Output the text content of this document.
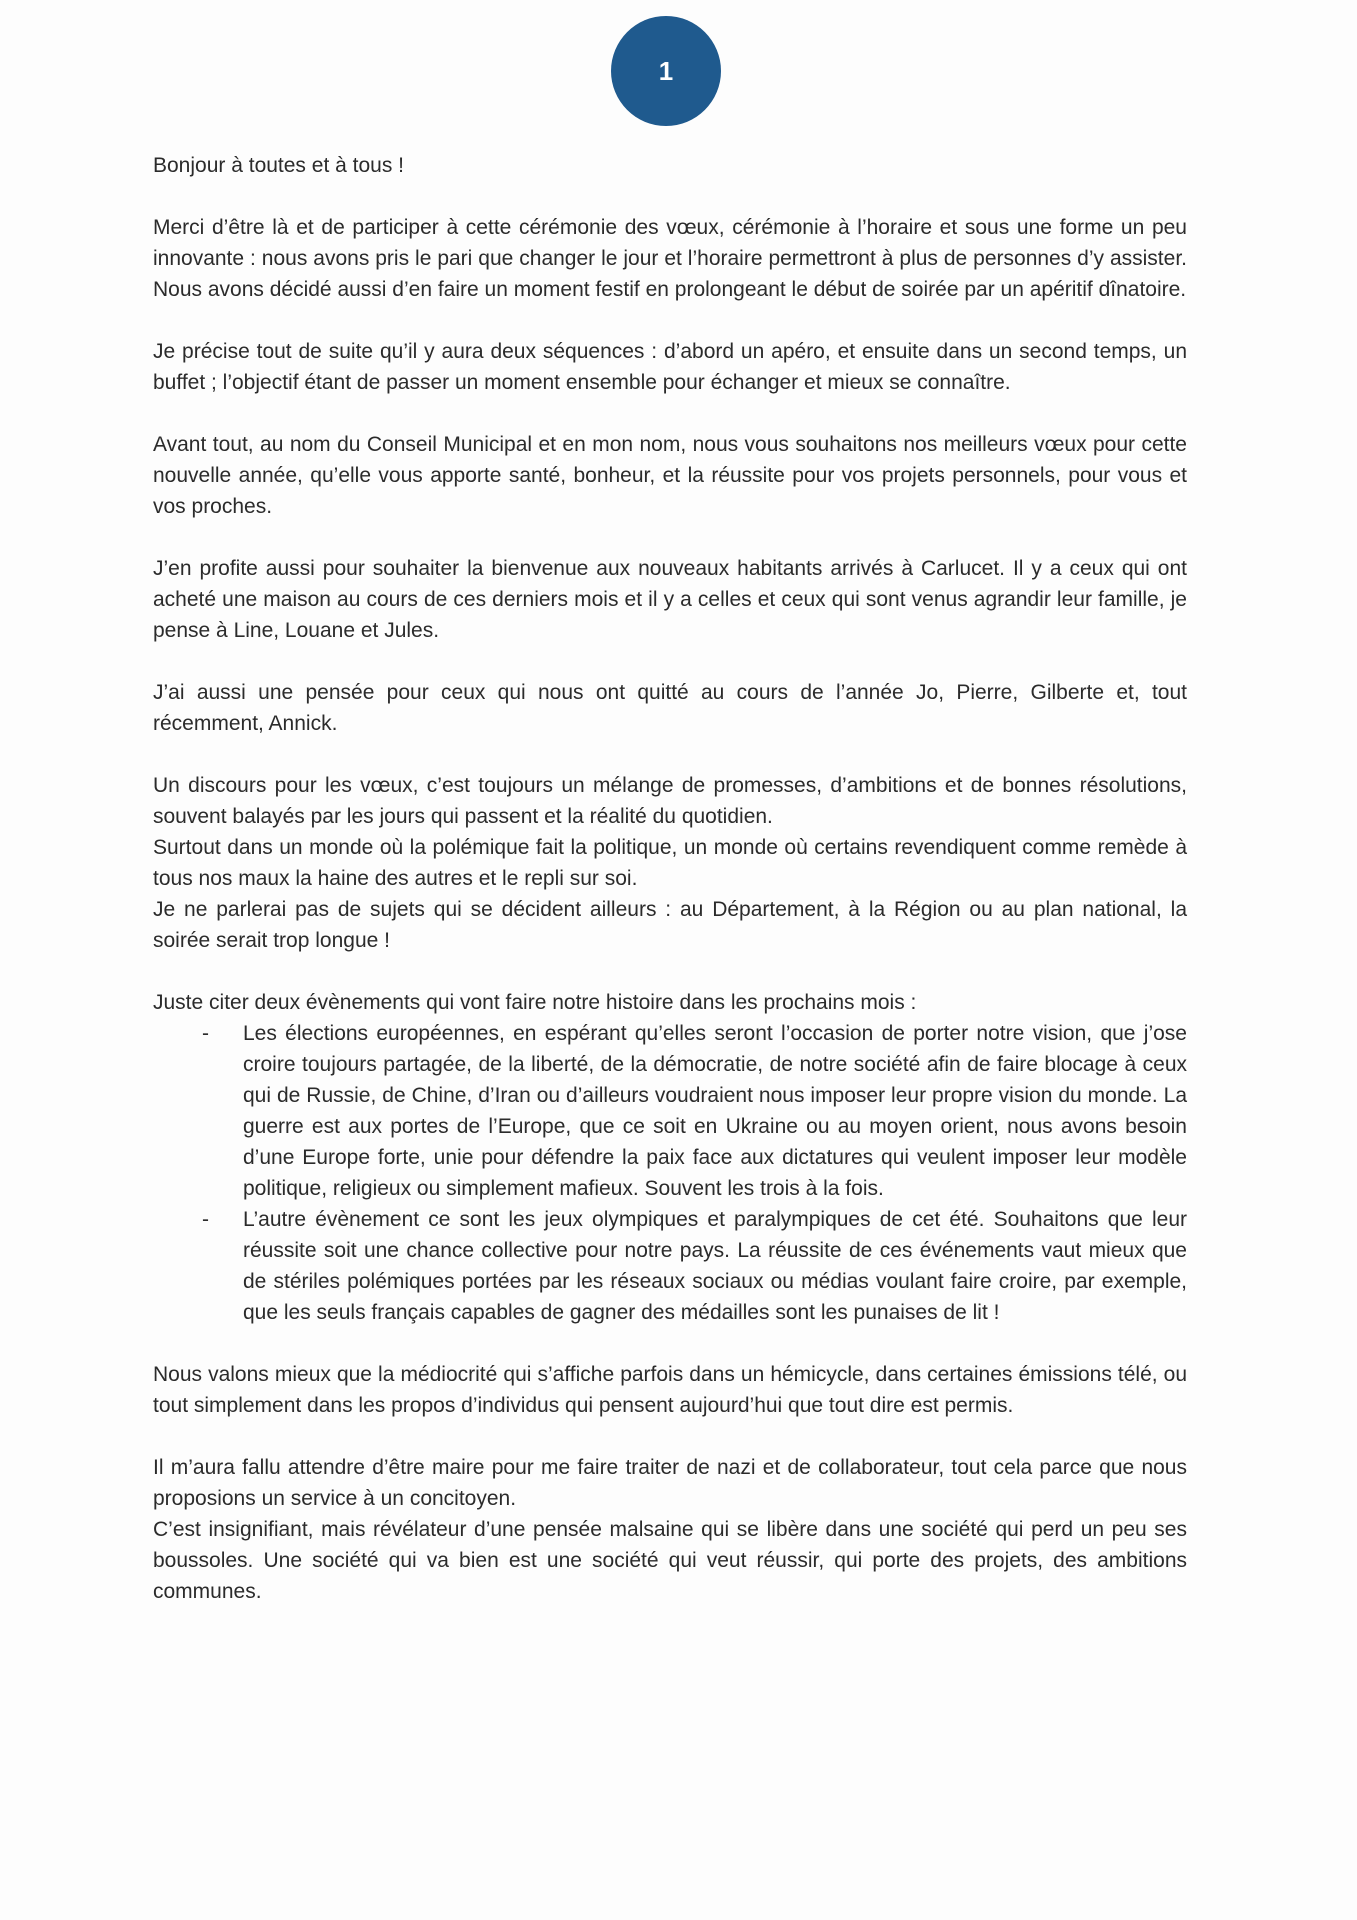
1

Bonjour à toutes et à tous !

Merci d’être là et de participer à cette cérémonie des vœux, cérémonie à l’horaire et sous une forme un peu innovante : nous avons pris le pari que changer le jour et l’horaire permettront à plus de personnes d’y assister. Nous avons décidé aussi d’en faire un moment festif en prolongeant le début de soirée par un apéritif dînatoire.

Je précise tout de suite qu’il y aura deux séquences : d’abord un apéro, et ensuite dans un second temps, un buffet ; l’objectif étant de passer un moment ensemble pour échanger et mieux se connaître.

Avant tout, au nom du Conseil Municipal et en mon nom, nous vous souhaitons nos meilleurs vœux pour cette nouvelle année, qu’elle vous apporte santé, bonheur, et la réussite pour vos projets personnels, pour vous et vos proches.

J’en profite aussi pour souhaiter la bienvenue aux nouveaux habitants arrivés à Carlucet. Il y a ceux qui ont acheté une maison au cours de ces derniers mois et il y a celles et ceux qui sont venus agrandir leur famille, je pense à Line, Louane et Jules.

J’ai aussi une pensée pour ceux qui nous ont quitté au cours de l’année Jo, Pierre, Gilberte et, tout récemment, Annick.

Un discours pour les vœux, c’est toujours un mélange de promesses, d’ambitions et de bonnes résolutions, souvent balayés par les jours qui passent et la réalité du quotidien.

Surtout dans un monde où la polémique fait la politique, un monde où certains revendiquent comme remède à tous nos maux la haine des autres et le repli sur soi.

Je ne parlerai pas de sujets qui se décident ailleurs : au Département, à la Région ou au plan national, la soirée serait trop longue !

Juste citer deux évènements qui vont faire notre histoire dans les prochains mois :

- Les élections européennes, en espérant qu’elles seront l’occasion de porter notre vision, que j’ose croire toujours partagée, de la liberté, de la démocratie, de notre société afin de faire blocage à ceux qui de Russie, de Chine, d’Iran ou d’ailleurs voudraient nous imposer leur propre vision du monde. La guerre est aux portes de l’Europe, que ce soit en Ukraine ou au moyen orient, nous avons besoin d’une Europe forte, unie pour défendre la paix face aux dictatures qui veulent imposer leur modèle politique, religieux ou simplement mafieux. Souvent les trois à la fois.
- L’autre évènement ce sont les jeux olympiques et paralympiques de cet été. Souhaitons que leur réussite soit une chance collective pour notre pays. La réussite de ces événements vaut mieux que de stériles polémiques portées par les réseaux sociaux ou médias voulant faire croire, par exemple, que les seuls français capables de gagner des médailles sont les punaises de lit !

Nous valons mieux que la médiocrité qui s’affiche parfois dans un hémicycle, dans certaines émissions télé, ou tout simplement dans les propos d’individus qui pensent aujourd’hui que tout dire est permis.

Il m’aura fallu attendre d’être maire pour me faire traiter de nazi et de collaborateur, tout cela parce que nous proposions un service à un concitoyen.

C’est insignifiant, mais révélateur d’une pensée malsaine qui se libère dans une société qui perd un peu ses boussoles. Une société qui va bien est une société qui veut réussir, qui porte des projets, des ambitions communes.
